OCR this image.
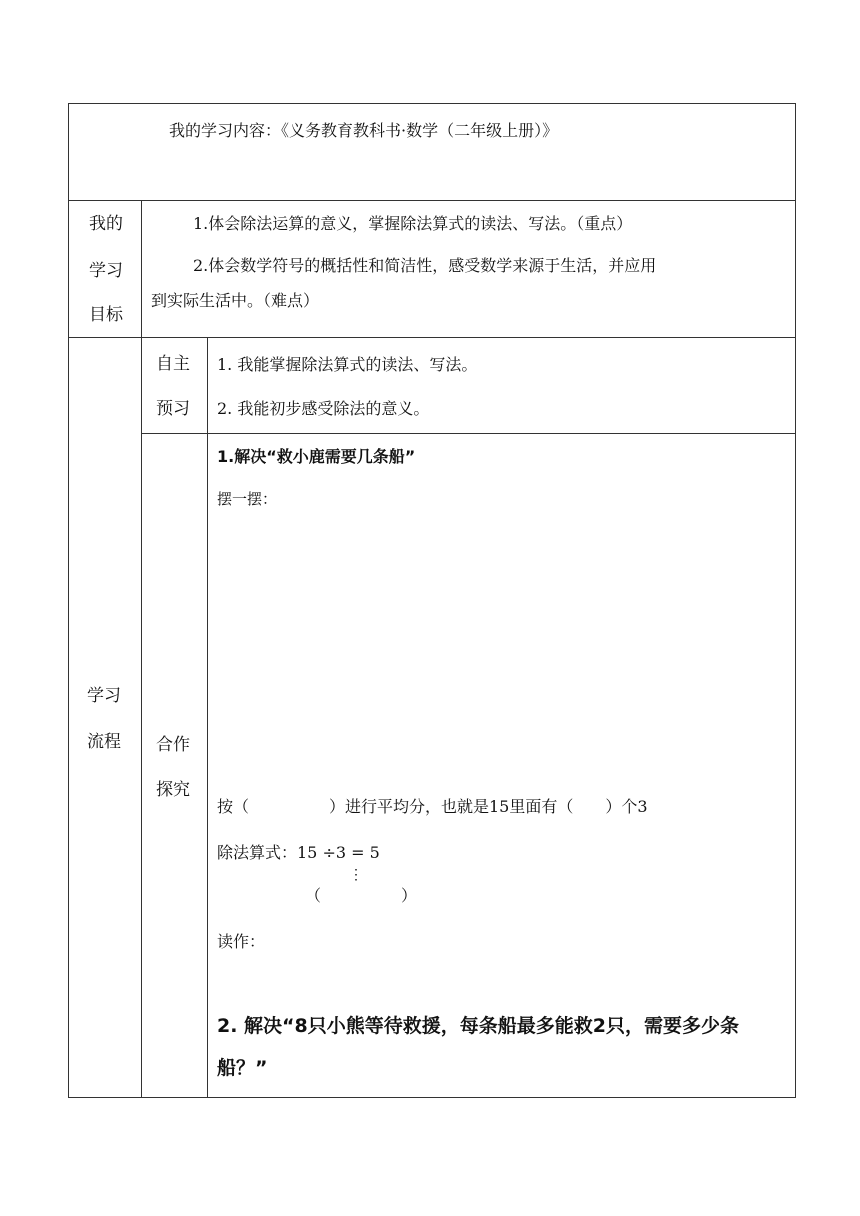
我的学习内容：《义务教育教科书·数学（二年级上册）》
我的
学习
目标
1.体会除法运算的意义，掌握除法算式的读法、写法。（重点）
2.体会数学符号的概括性和简洁性，感受数学来源于生活，并应用
到实际生活中。（难点）
学习
流程
自主
预习
1. 我能掌握除法算式的读法、写法。
2. 我能初步感受除法的意义。
合作
探究
1.解决“救小鹿需要几条船”
摆一摆：
按（　　　　　）进行平均分，也就是15里面有（　　）个3
除法算式：15 ÷3 = 5
⋮
（　　　　　）
读作：
2. 解决“8只小熊等待救援，每条船最多能救2只，需要多少条
船？”
